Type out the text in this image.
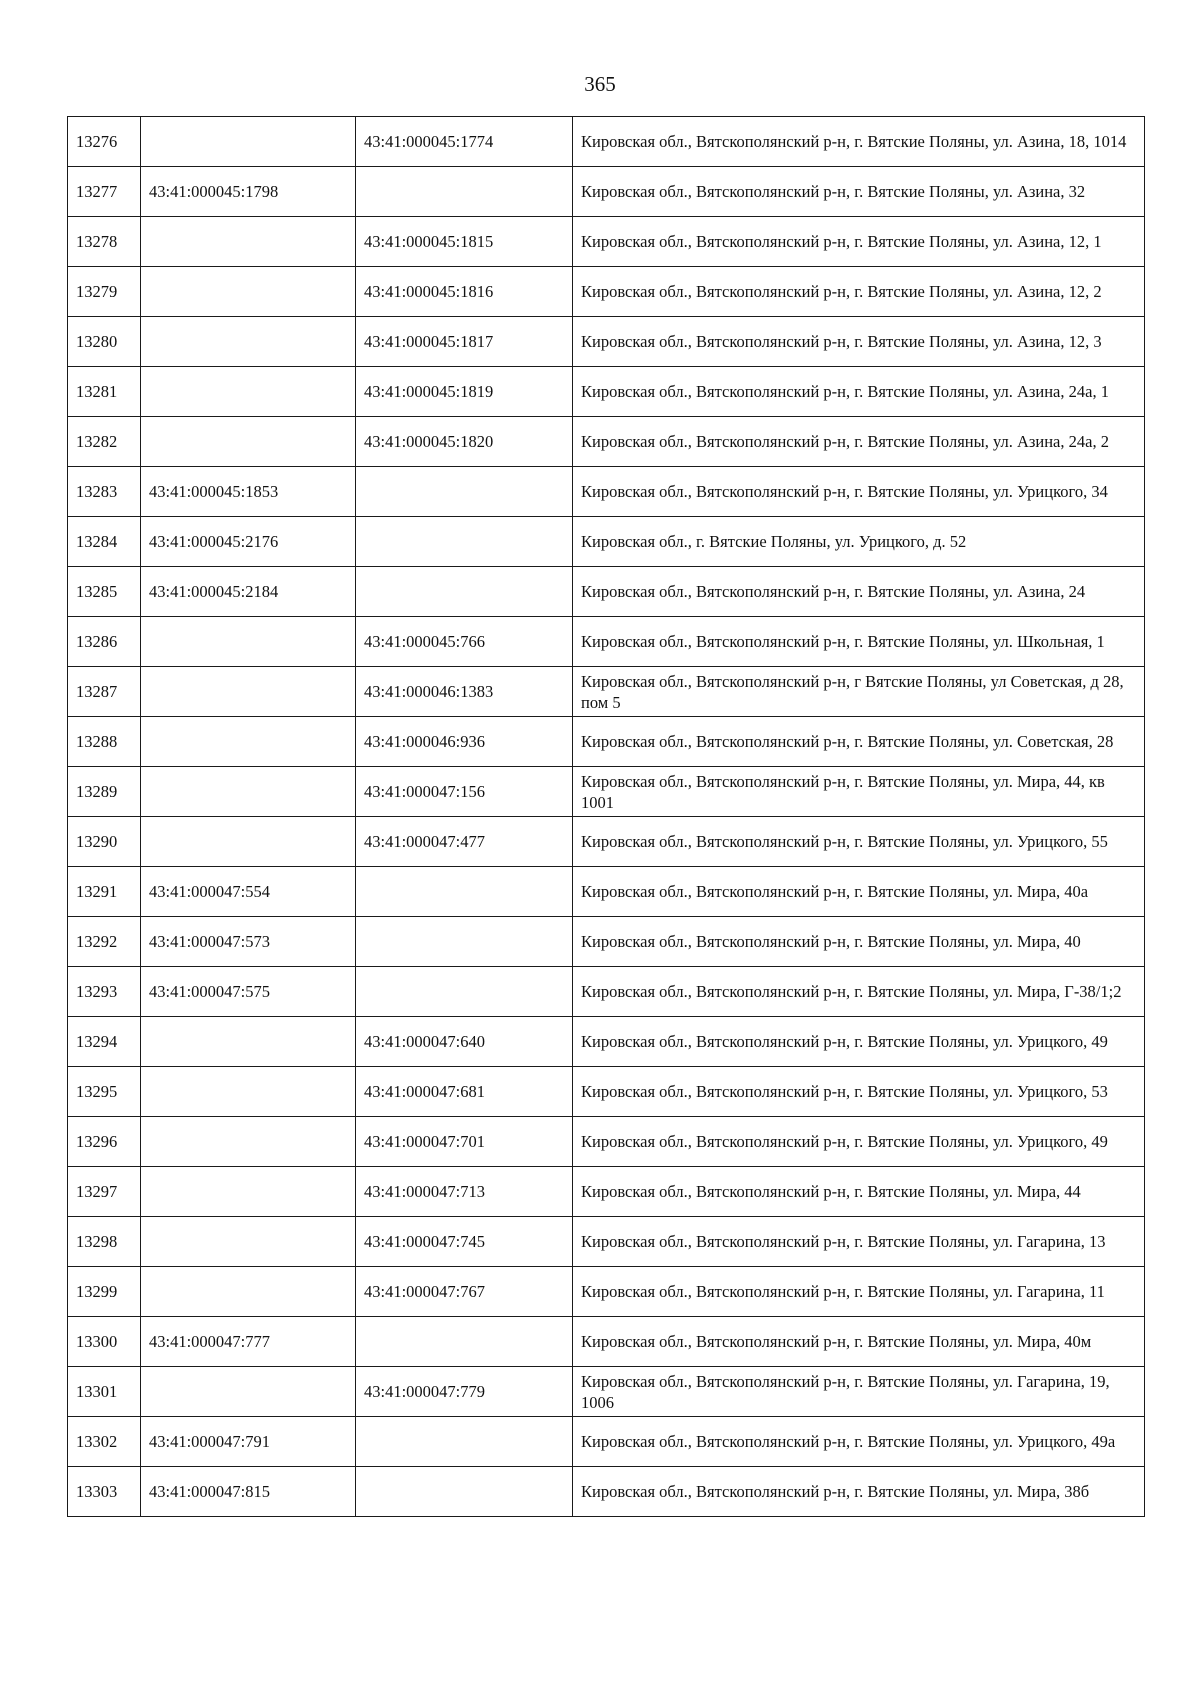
365
13276		43:41:000045:1774	Кировская обл., Вятскополянский р-н, г. Вятские Поляны, ул. Азина, 18, 1014
13277	43:41:000045:1798		Кировская обл., Вятскополянский р-н, г. Вятские Поляны, ул. Азина, 32
13278		43:41:000045:1815	Кировская обл., Вятскополянский р-н, г. Вятские Поляны, ул. Азина, 12, 1
13279		43:41:000045:1816	Кировская обл., Вятскополянский р-н, г. Вятские Поляны, ул. Азина, 12, 2
13280		43:41:000045:1817	Кировская обл., Вятскополянский р-н, г. Вятские Поляны, ул. Азина, 12, 3
13281		43:41:000045:1819	Кировская обл., Вятскополянский р-н, г. Вятские Поляны, ул. Азина, 24а, 1
13282		43:41:000045:1820	Кировская обл., Вятскополянский р-н, г. Вятские Поляны, ул. Азина, 24а, 2
13283	43:41:000045:1853		Кировская обл., Вятскополянский р-н, г. Вятские Поляны, ул. Урицкого, 34
13284	43:41:000045:2176		Кировская обл., г. Вятские Поляны, ул. Урицкого, д. 52
13285	43:41:000045:2184		Кировская обл., Вятскополянский р-н, г. Вятские Поляны, ул. Азина, 24
13286		43:41:000045:766	Кировская обл., Вятскополянский р-н, г. Вятские Поляны, ул. Школьная, 1
13287		43:41:000046:1383	Кировская обл., Вятскополянский р-н, г Вятские Поляны, ул Советская, д 28, пом 5
13288		43:41:000046:936	Кировская обл., Вятскополянский р-н, г. Вятские Поляны, ул. Советская, 28
13289		43:41:000047:156	Кировская обл., Вятскополянский р-н, г. Вятские Поляны, ул. Мира, 44, кв 1001
13290		43:41:000047:477	Кировская обл., Вятскополянский р-н, г. Вятские Поляны, ул. Урицкого, 55
13291	43:41:000047:554		Кировская обл., Вятскополянский р-н, г. Вятские Поляны, ул. Мира, 40а
13292	43:41:000047:573		Кировская обл., Вятскополянский р-н, г. Вятские Поляны, ул. Мира, 40
13293	43:41:000047:575		Кировская обл., Вятскополянский р-н, г. Вятские Поляны, ул. Мира, Г-38/1;2
13294		43:41:000047:640	Кировская обл., Вятскополянский р-н, г. Вятские Поляны, ул. Урицкого, 49
13295		43:41:000047:681	Кировская обл., Вятскополянский р-н, г. Вятские Поляны, ул. Урицкого, 53
13296		43:41:000047:701	Кировская обл., Вятскополянский р-н, г. Вятские Поляны, ул. Урицкого, 49
13297		43:41:000047:713	Кировская обл., Вятскополянский р-н, г. Вятские Поляны, ул. Мира, 44
13298		43:41:000047:745	Кировская обл., Вятскополянский р-н, г. Вятские Поляны, ул. Гагарина, 13
13299		43:41:000047:767	Кировская обл., Вятскополянский р-н, г. Вятские Поляны, ул. Гагарина, 11
13300	43:41:000047:777		Кировская обл., Вятскополянский р-н, г. Вятские Поляны, ул. Мира, 40м
13301		43:41:000047:779	Кировская обл., Вятскополянский р-н, г. Вятские Поляны, ул. Гагарина, 19, 1006
13302	43:41:000047:791		Кировская обл., Вятскополянский р-н, г. Вятские Поляны, ул. Урицкого, 49а
13303	43:41:000047:815		Кировская обл., Вятскополянский р-н, г. Вятские Поляны, ул. Мира, 38б
